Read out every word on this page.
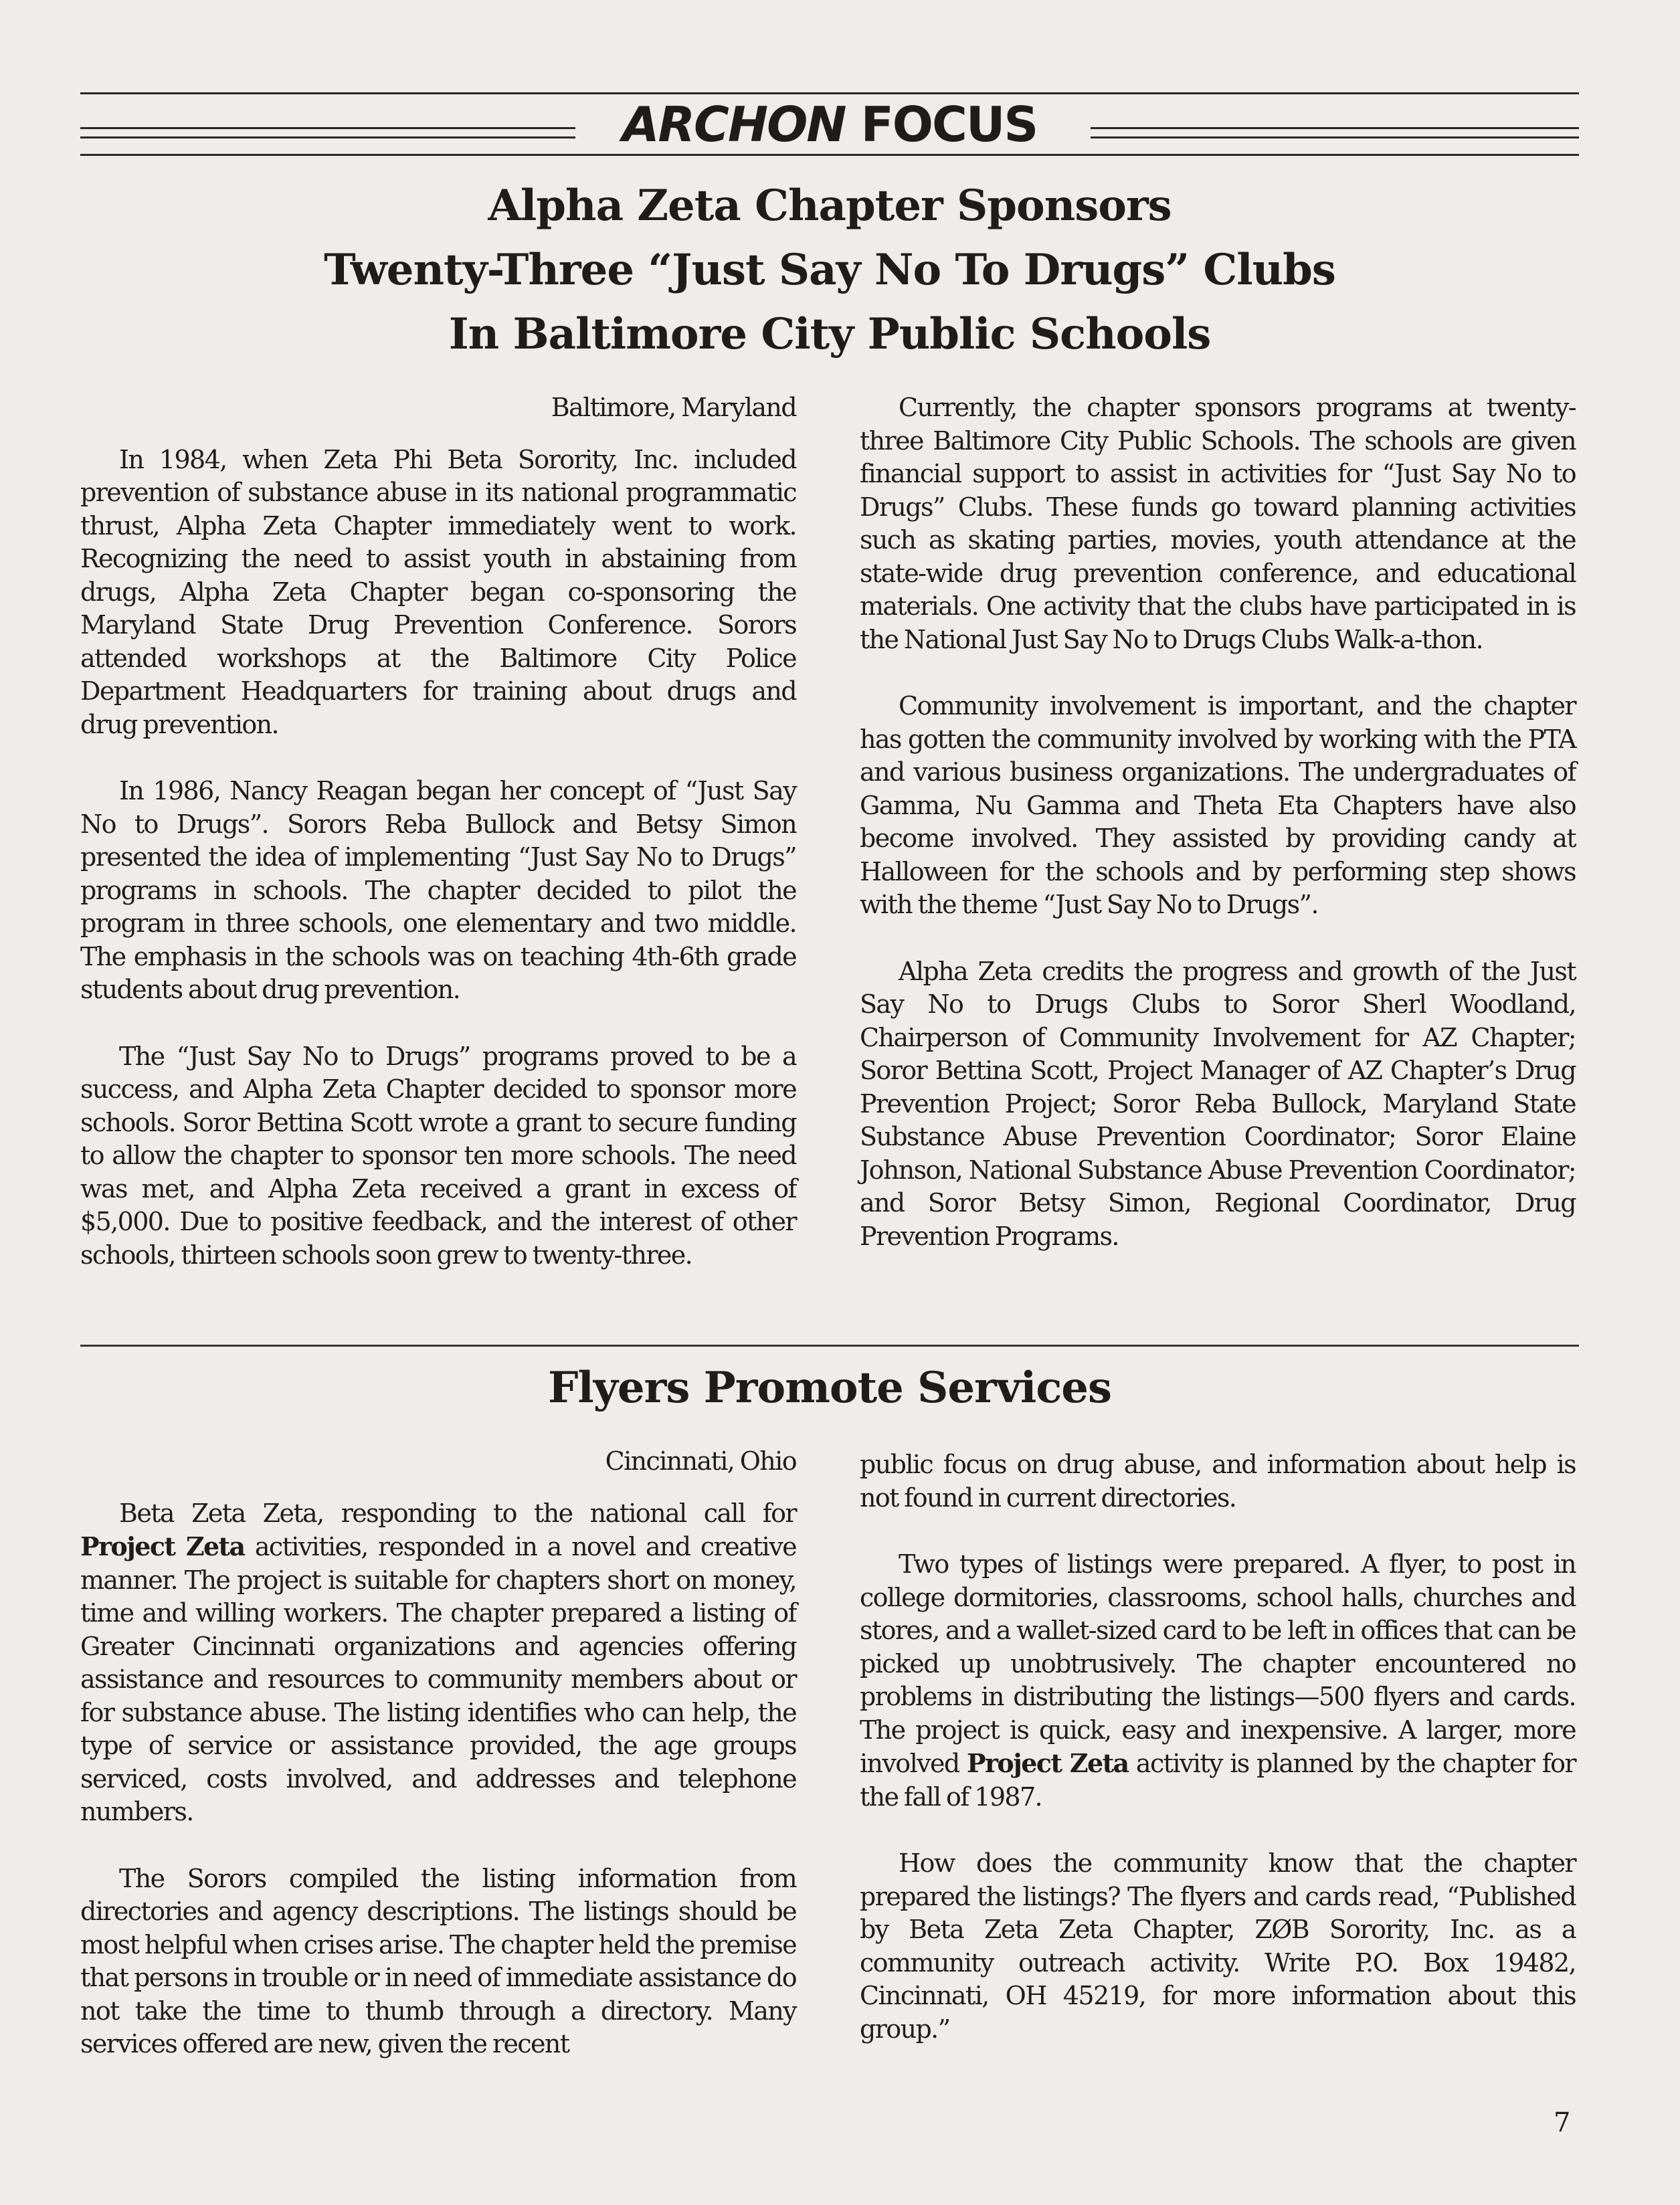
ARCHON FOCUS
Alpha Zeta Chapter Sponsors
Twenty-Three “Just Say No To Drugs” Clubs
In Baltimore City Public Schools

Baltimore, Maryland

In 1984, when Zeta Phi Beta Sorority, Inc. included prevention of substance abuse in its national programmatic thrust, Alpha Zeta Chapter immediately went to work. Recognizing the need to assist youth in abstaining from drugs, Alpha Zeta Chapter began co-sponsoring the Maryland State Drug Prevention Conference. Sorors attended workshops at the Baltimore City Police Department Headquarters for training about drugs and drug prevention.

In 1986, Nancy Reagan began her concept of “Just Say No to Drugs”. Sorors Reba Bullock and Betsy Simon presented the idea of implementing “Just Say No to Drugs” programs in schools. The chapter decided to pilot the program in three schools, one elementary and two middle. The emphasis in the schools was on teaching 4th-6th grade students about drug prevention.

The “Just Say No to Drugs” programs proved to be a success, and Alpha Zeta Chapter decided to sponsor more schools. Soror Bettina Scott wrote a grant to secure funding to allow the chapter to sponsor ten more schools. The need was met, and Alpha Zeta received a grant in excess of $5,000. Due to positive feedback, and the interest of other schools, thirteen schools soon grew to twenty-three.

Currently, the chapter sponsors programs at twenty-three Baltimore City Public Schools. The schools are given financial support to assist in activities for “Just Say No to Drugs” Clubs. These funds go toward planning activities such as skating parties, movies, youth attendance at the state-wide drug prevention conference, and educational materials. One activity that the clubs have participated in is the National Just Say No to Drugs Clubs Walk-a-thon.

Community involvement is important, and the chapter has gotten the community involved by working with the PTA and various business organizations. The undergraduates of Gamma, Nu Gamma and Theta Eta Chapters have also become involved. They assisted by providing candy at Halloween for the schools and by performing step shows with the theme “Just Say No to Drugs”.

Alpha Zeta credits the progress and growth of the Just Say No to Drugs Clubs to Soror Sherl Woodland, Chairperson of Community Involvement for AZ Chapter; Soror Bettina Scott, Project Manager of AZ Chapter’s Drug Prevention Project; Soror Reba Bullock, Maryland State Substance Abuse Prevention Coordinator; Soror Elaine Johnson, National Substance Abuse Prevention Coordinator; and Soror Betsy Simon, Regional Coordinator, Drug Prevention Programs.

Flyers Promote Services

Cincinnati, Ohio

Beta Zeta Zeta, responding to the national call for Project Zeta activities, responded in a novel and creative manner. The project is suitable for chapters short on money, time and willing workers. The chapter prepared a listing of Greater Cincinnati organizations and agencies offering assistance and resources to community members about or for substance abuse. The listing identifies who can help, the type of service or assistance provided, the age groups serviced, costs involved, and addresses and telephone numbers.

The Sorors compiled the listing information from directories and agency descriptions. The listings should be most helpful when crises arise. The chapter held the premise that persons in trouble or in need of immediate assistance do not take the time to thumb through a directory. Many services offered are new, given the recent

public focus on drug abuse, and information about help is not found in current directories.

Two types of listings were prepared. A flyer, to post in college dormitories, classrooms, school halls, churches and stores, and a wallet-sized card to be left in offices that can be picked up unobtrusively. The chapter encountered no problems in distributing the listings—500 flyers and cards. The project is quick, easy and inexpensive. A larger, more involved Project Zeta activity is planned by the chapter for the fall of 1987.

How does the community know that the chapter prepared the listings? The flyers and cards read, “Published by Beta Zeta Zeta Chapter, ZØB Sorority, Inc. as a community outreach activity. Write P.O. Box 19482, Cincinnati, OH 45219, for more information about this group.”

7
